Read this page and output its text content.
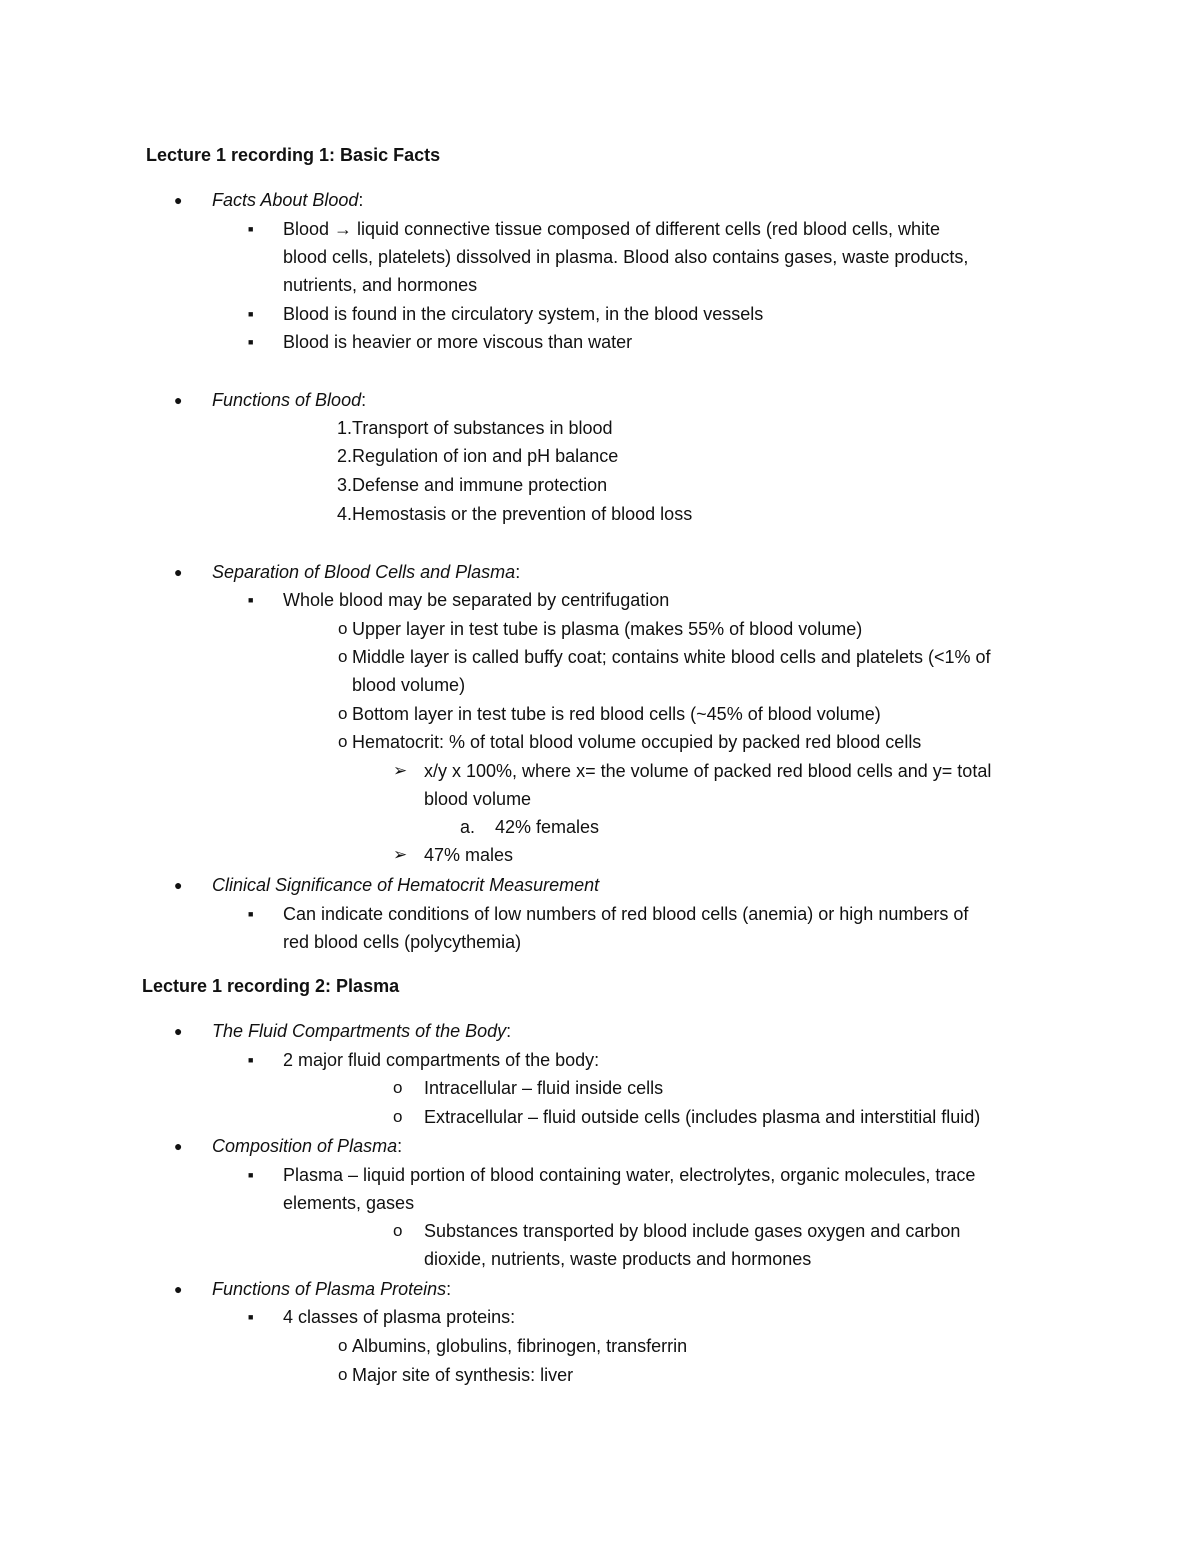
Lecture 1 recording 1: Basic Facts
● Facts About Blood:
■ Blood → liquid connective tissue composed of different cells (red blood cells, white
blood cells, platelets) dissolved in plasma. Blood also contains gases, waste products,
nutrients, and hormones
■ Blood is found in the circulatory system, in the blood vessels
■ Blood is heavier or more viscous than water
● Functions of Blood:
1.Transport of substances in blood
2.Regulation of ion and pH balance
3.Defense and immune protection
4.Hemostasis or the prevention of blood loss
● Separation of Blood Cells and Plasma:
■ Whole blood may be separated by centrifugation
o Upper layer in test tube is plasma (makes 55% of blood volume)
o Middle layer is called buffy coat; contains white blood cells and platelets (<1% of
blood volume)
o Bottom layer in test tube is red blood cells (~45% of blood volume)
o Hematocrit: % of total blood volume occupied by packed red blood cells
➢ x/y x 100%, where x= the volume of packed red blood cells and y= total
blood volume
a. 42% females
➢ 47% males
● Clinical Significance of Hematocrit Measurement
■ Can indicate conditions of low numbers of red blood cells (anemia) or high numbers of
red blood cells (polycythemia)
Lecture 1 recording 2: Plasma
● The Fluid Compartments of the Body:
■ 2 major fluid compartments of the body:
o Intracellular – fluid inside cells
o Extracellular – fluid outside cells (includes plasma and interstitial fluid)
● Composition of Plasma:
■ Plasma – liquid portion of blood containing water, electrolytes, organic molecules, trace
elements, gases
o Substances transported by blood include gases oxygen and carbon
dioxide, nutrients, waste products and hormones
● Functions of Plasma Proteins:
■ 4 classes of plasma proteins:
o Albumins, globulins, fibrinogen, transferrin
o Major site of synthesis: liver
